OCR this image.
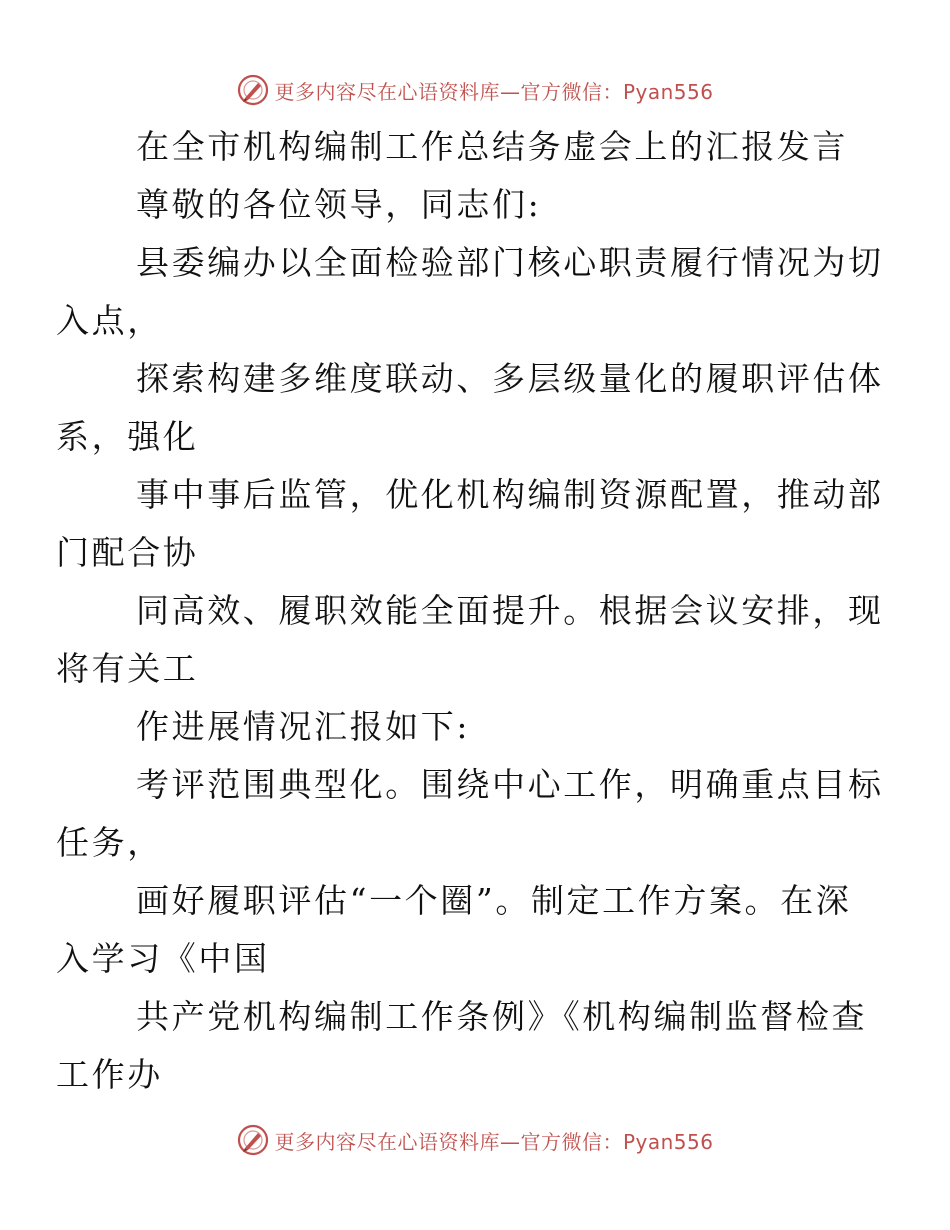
更多内容尽在心语资料库—官方微信：Pyan556

在全市机构编制工作总结务虚会上的汇报发言

尊敬的各位领导，同志们:

县委编办以全面检验部门核心职责履行情况为切
入点，

探索构建多维度联动、多层级量化的履职评估体
系，强化

事中事后监管，优化机构编制资源配置，推动部
门配合协

同高效、履职效能全面提升。根据会议安排，现
将有关工

作进展情况汇报如下:

考评范围典型化。围绕中心工作，明确重点目标
任务，

画好履职评估“一个圈”。制定工作方案。在深
入学习《中国

共产党机构编制工作条例》《机构编制监督检查
工作办

更多内容尽在心语资料库—官方微信：Pyan556
